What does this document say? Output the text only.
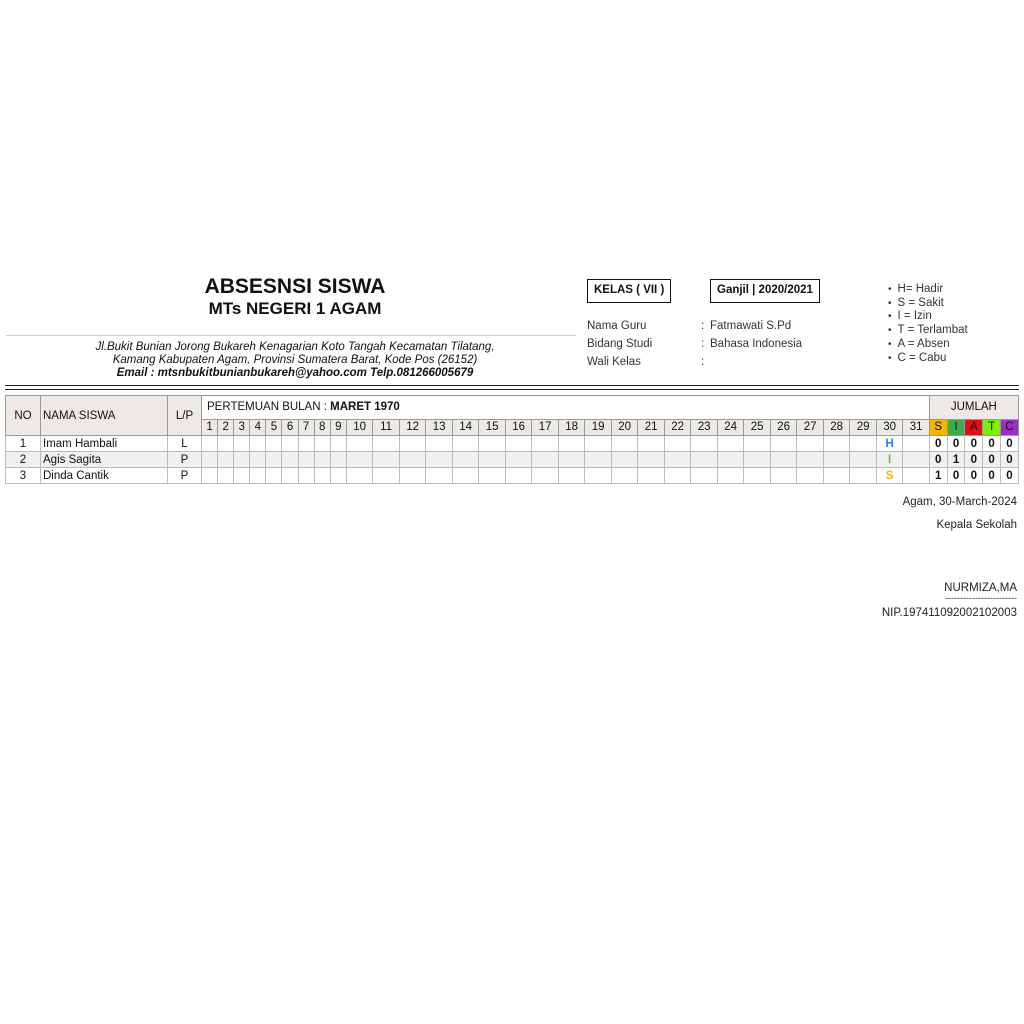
ABSESNSI SISWA
MTs NEGERI 1 AGAM
Jl.Bukit Bunian Jorong Bukareh Kenagarian Koto Tangah Kecamatan Tilatang,
Kamang Kabupaten Agam, Provinsi Sumatera Barat, Kode Pos (26152)
Email : mtsnbukitbunianbukareh@yahoo.com Telp.081266005679
KELAS ( VII )	Ganjil | 2020/2021
Nama Guru	: Fatmawati S.Pd
Bidang Studi	: Bahasa Indonesia
Wali Kelas	:
• H= Hadir
• S = Sakit
• I = Izin
• T = Terlambat
• A = Absen
• C = Cabu
NO	NAMA SISWA	L/P	PERTEMUAN BULAN : MARET 1970																															JUMLAH				
			1	2	3	4	5	6	7	8	9	10	11	12	13	14	15	16	17	18	19	20	21	22	23	24	25	26	27	28	29	30	31	S	I	A	T	C
1	Imam Hambali	L																														H		0	0	0	0	0
2	Agis Sagita	P																														I		0	1	0	0	0
3	Dinda Cantik	P																														S		1	0	0	0	0
Agam, 30-March-2024
Kepala Sekolah
NURMIZA,MA
------------------------
NIP.197411092002102003
